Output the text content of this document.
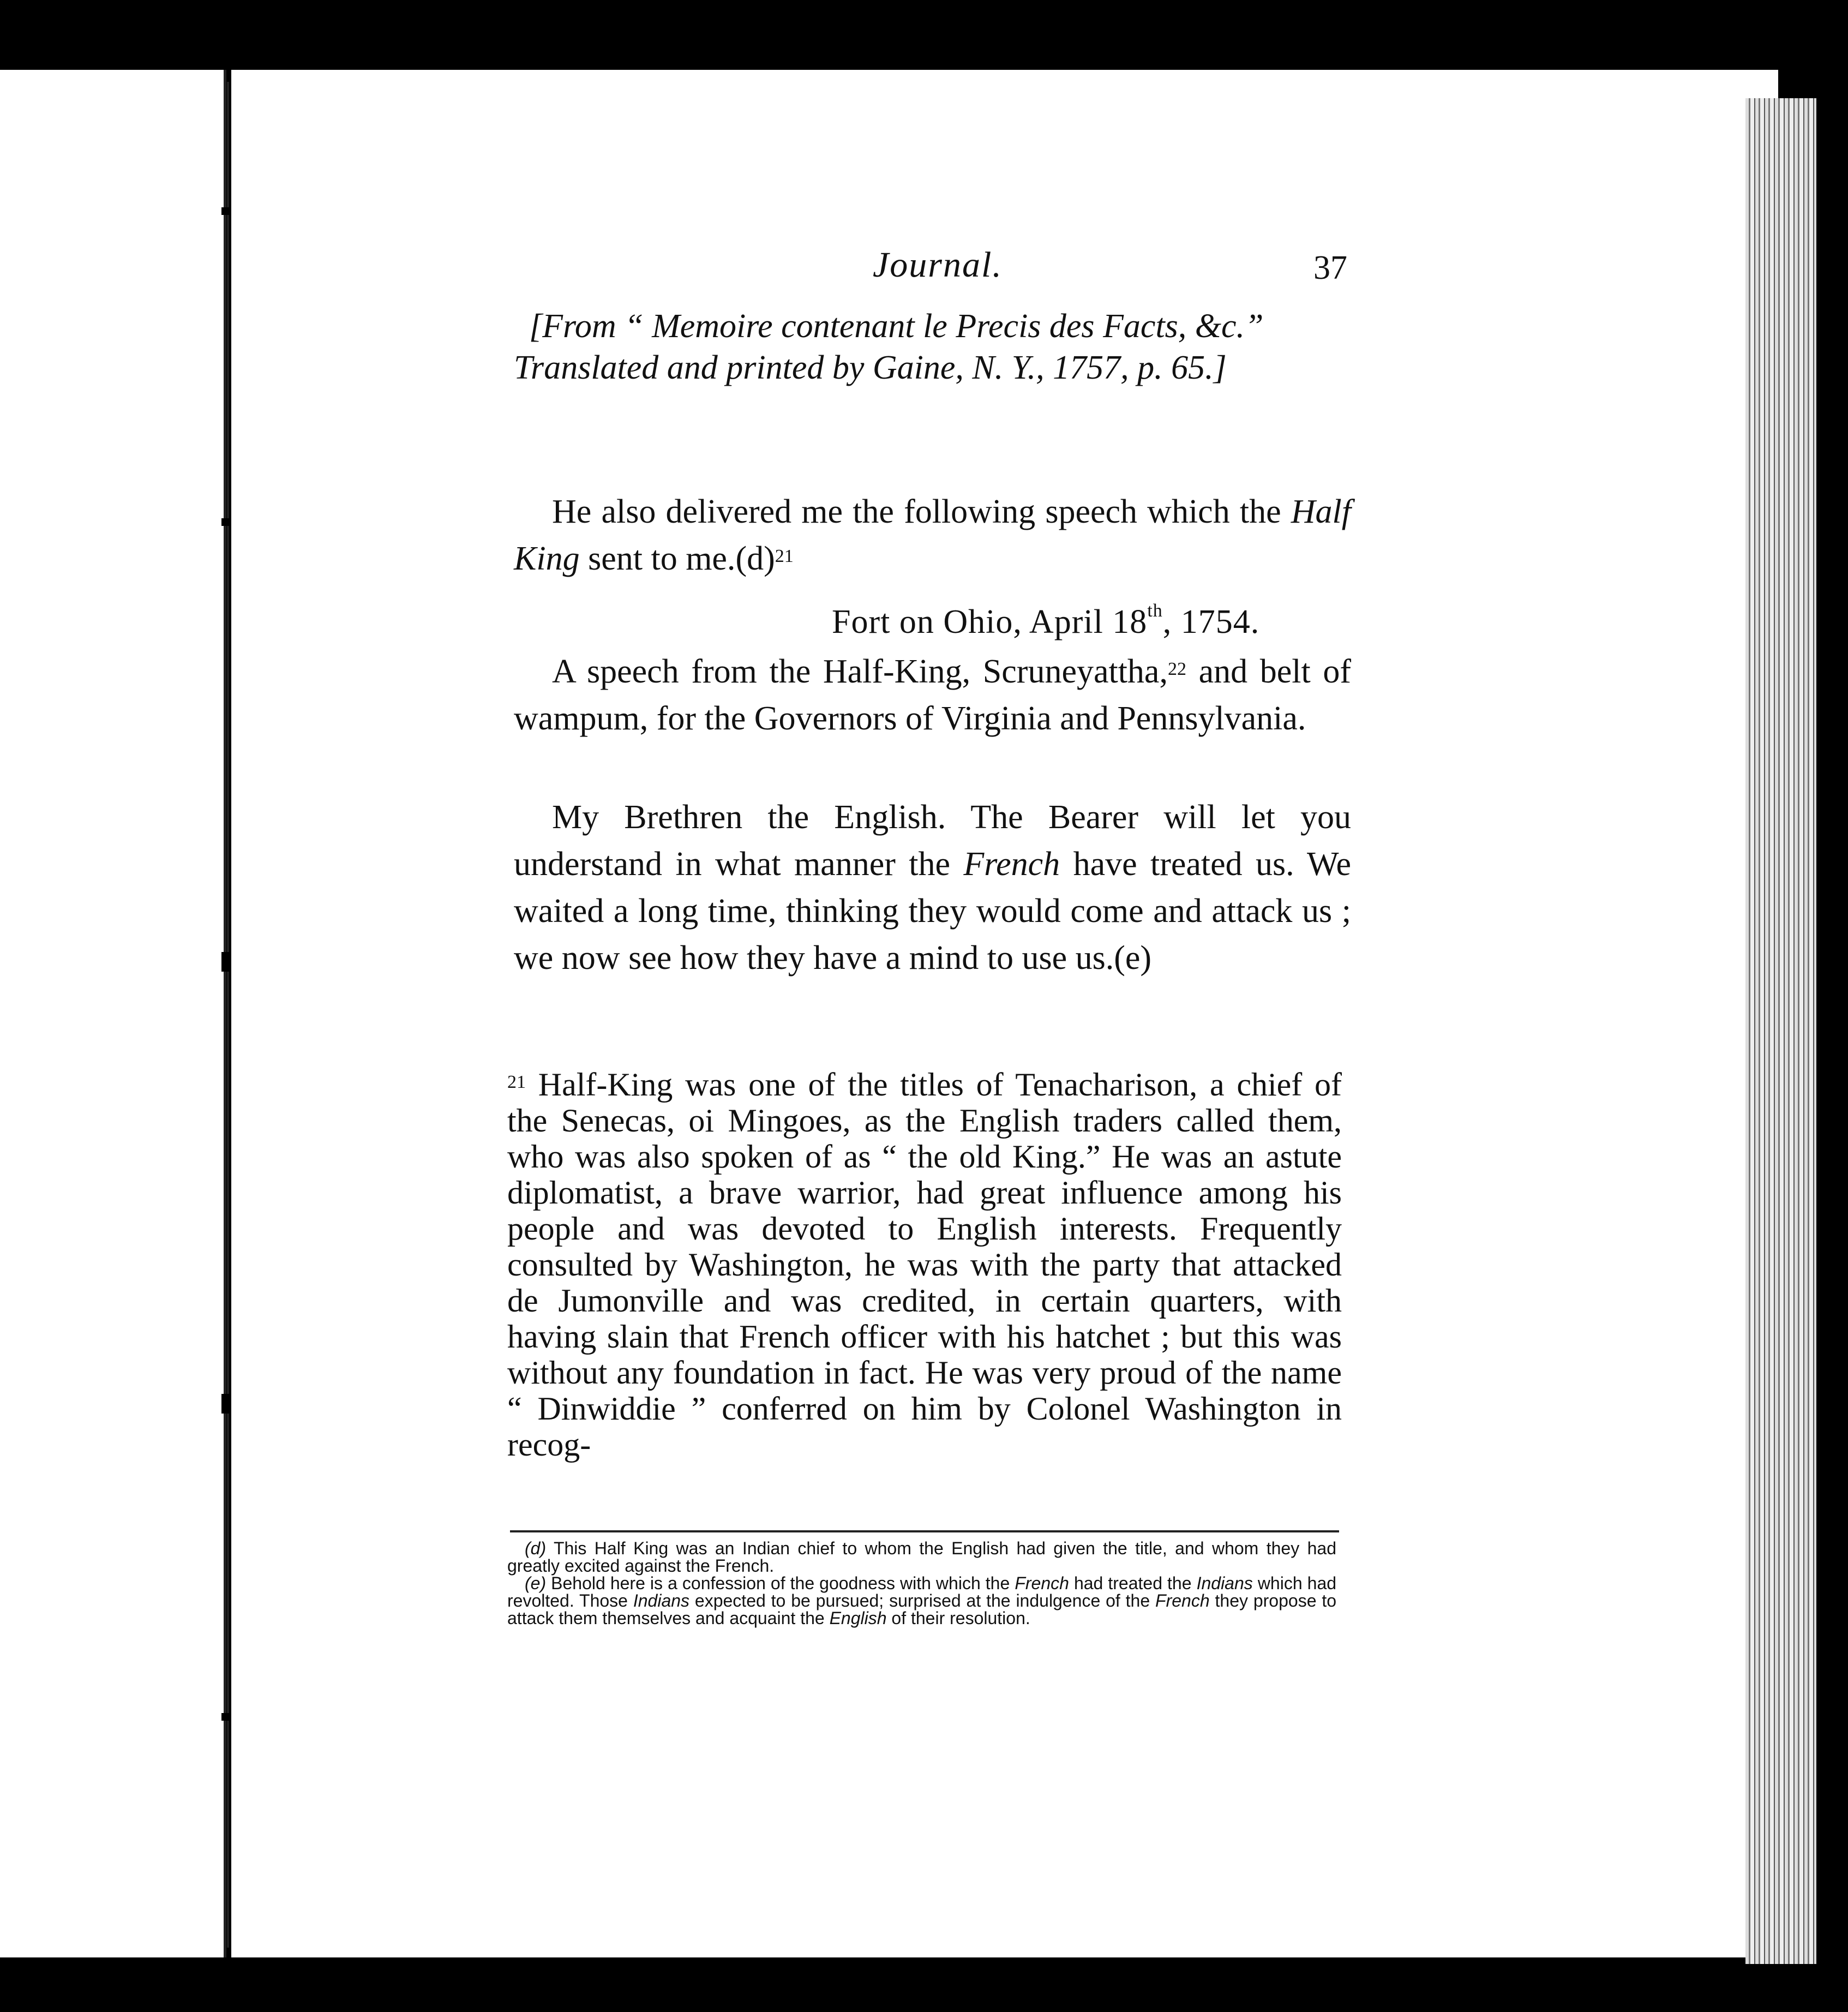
Journal.	37
[From “ Memoire contenant le Precis des Facts, &c.”
Translated and printed by Gaine, N. Y., 1757, p. 65.]
He also delivered me the following speech which the Half King sent to $me.(d)^{21}$
Fort on Ohio, April 18th, 1754.
A speech from the Half-King, Scruneyattha,$^{22}$ and belt of wampum, for the Governors of Virginia and Pennsylvania.
My Brethren the English. The Bearer will let you understand in what manner the French have treated us. We waited a long time, thinking they would come and attack us ; we now see how they have a mind to use us.(e)
$^{21}$ Half-King was one of the titles of Tenacharison, a chief of the Senecas, oi Mingoes, as the English traders called them, who was also spoken of as “ the old King.” He was an astute diplomatist, a brave warrior, had great influence among his people and was devoted to English interests. Frequently consulted by Washington, he was with the party that attacked de Jumonville and was credited, in certain quarters, with having slain that French officer with his hatchet ; but this was without any foundation in fact. He was very proud of the name “ Dinwiddie ” conferred on him by Colonel Washington in recog-

(d) This Half King was an Indian chief to whom the English had given the title, and whom they had greatly excited against the French.

(e) Behold here is a confession of the goodness with which the French had treated the Indians which had revolted. Those Indians expected to be pursued; surprised at the indulgence of the French they propose to attack them themselves and acquaint the English of their resolution.
